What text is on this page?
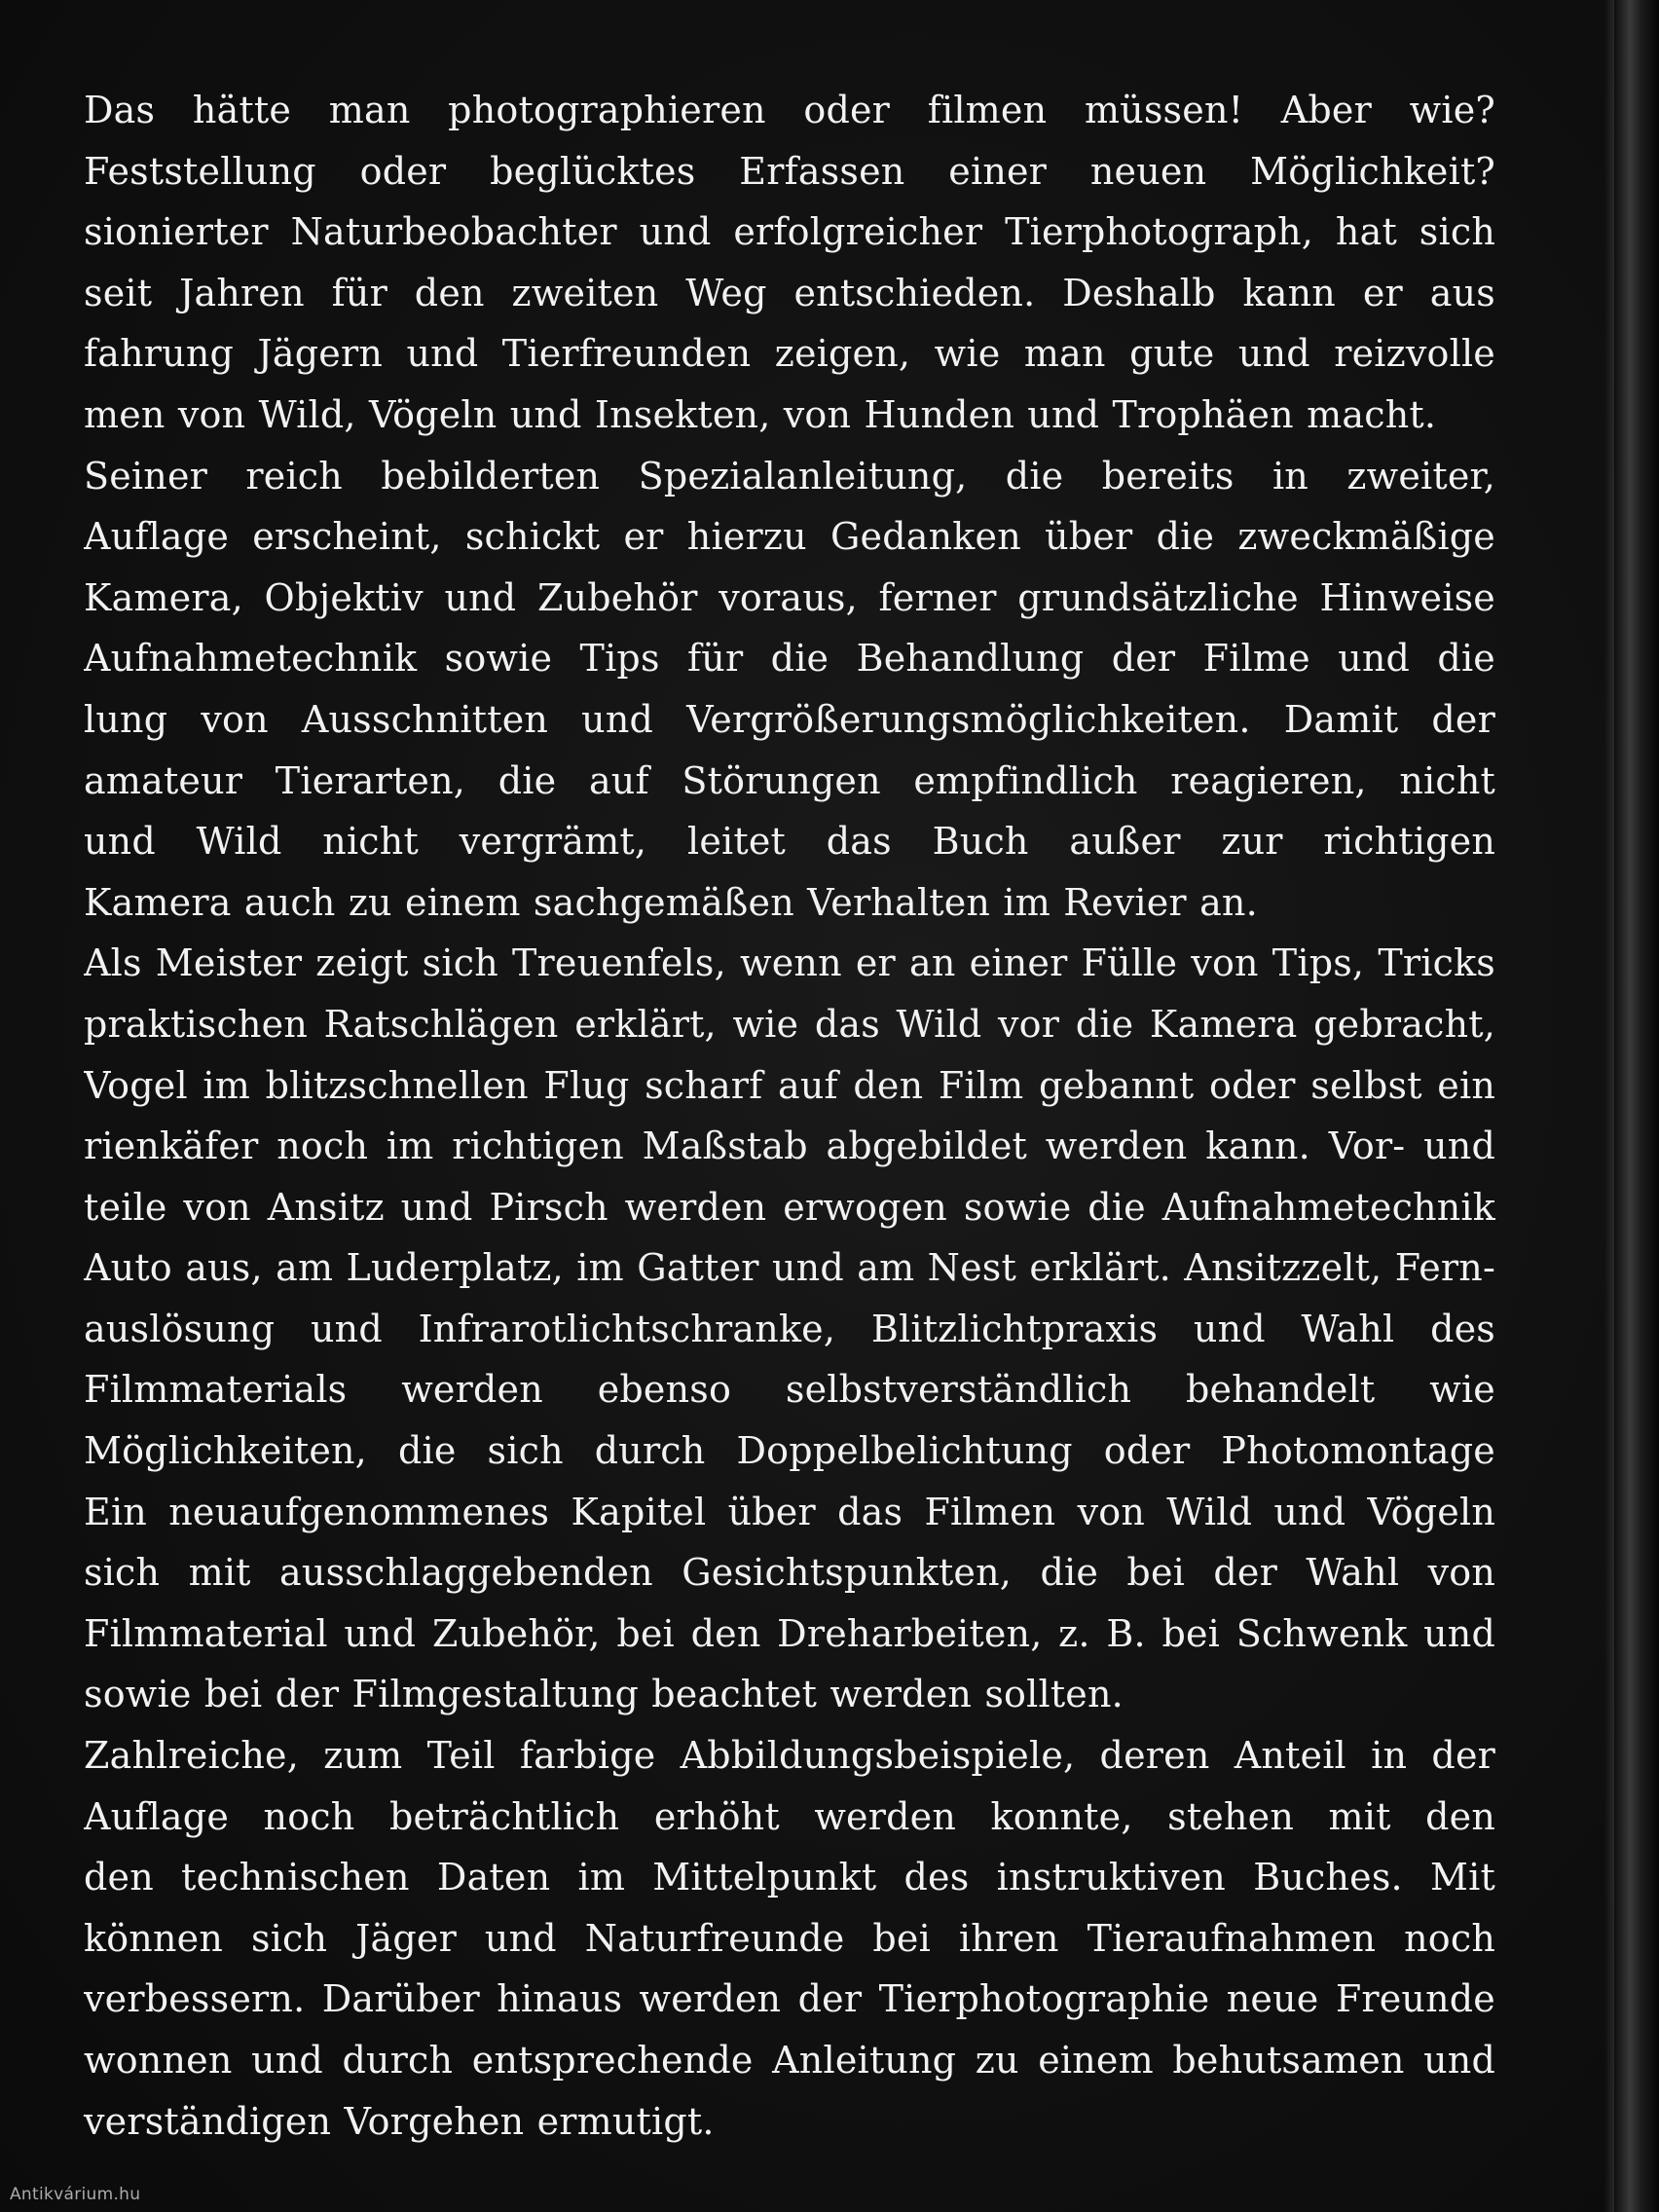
Das hätte man photographieren oder filmen müssen! Aber wie?
Feststellung oder beglücktes Erfassen einer neuen Möglichkeit?
sionierter Naturbeobachter und erfolgreicher Tierphotograph, hat sich
seit Jahren für den zweiten Weg entschieden. Deshalb kann er aus
fahrung Jägern und Tierfreunden zeigen, wie man gute und reizvolle
men von Wild, Vögeln und Insekten, von Hunden und Trophäen macht.
Seiner reich bebilderten Spezialanleitung, die bereits in zweiter,
Auflage erscheint, schickt er hierzu Gedanken über die zweckmäßige
Kamera, Objektiv und Zubehör voraus, ferner grundsätzliche Hinweise
Aufnahmetechnik sowie Tips für die Behandlung der Filme und die
lung von Ausschnitten und Vergrößerungsmöglichkeiten. Damit der
amateur Tierarten, die auf Störungen empfindlich reagieren, nicht
und Wild nicht vergrämt, leitet das Buch außer zur richtigen
Kamera auch zu einem sachgemäßen Verhalten im Revier an.
Als Meister zeigt sich Treuenfels, wenn er an einer Fülle von Tips, Tricks
praktischen Ratschlägen erklärt, wie das Wild vor die Kamera gebracht,
Vogel im blitzschnellen Flug scharf auf den Film gebannt oder selbst ein
rienkäfer noch im richtigen Maßstab abgebildet werden kann. Vor- und
teile von Ansitz und Pirsch werden erwogen sowie die Aufnahmetechnik
Auto aus, am Luderplatz, im Gatter und am Nest erklärt. Ansitzzelt, Fern-
auslösung und Infrarotlichtschranke, Blitzlichtpraxis und Wahl des
Filmmaterials werden ebenso selbstverständlich behandelt wie
Möglichkeiten, die sich durch Doppelbelichtung oder Photomontage
Ein neuaufgenommenes Kapitel über das Filmen von Wild und Vögeln
sich mit ausschlaggebenden Gesichtspunkten, die bei der Wahl von
Filmmaterial und Zubehör, bei den Dreharbeiten, z. B. bei Schwenk und
sowie bei der Filmgestaltung beachtet werden sollten.
Zahlreiche, zum Teil farbige Abbildungsbeispiele, deren Anteil in der
Auflage noch beträchtlich erhöht werden konnte, stehen mit den
den technischen Daten im Mittelpunkt des instruktiven Buches. Mit
können sich Jäger und Naturfreunde bei ihren Tieraufnahmen noch
verbessern. Darüber hinaus werden der Tierphotographie neue Freunde
wonnen und durch entsprechende Anleitung zu einem behutsamen und
verständigen Vorgehen ermutigt.
Antikvárium.hu
